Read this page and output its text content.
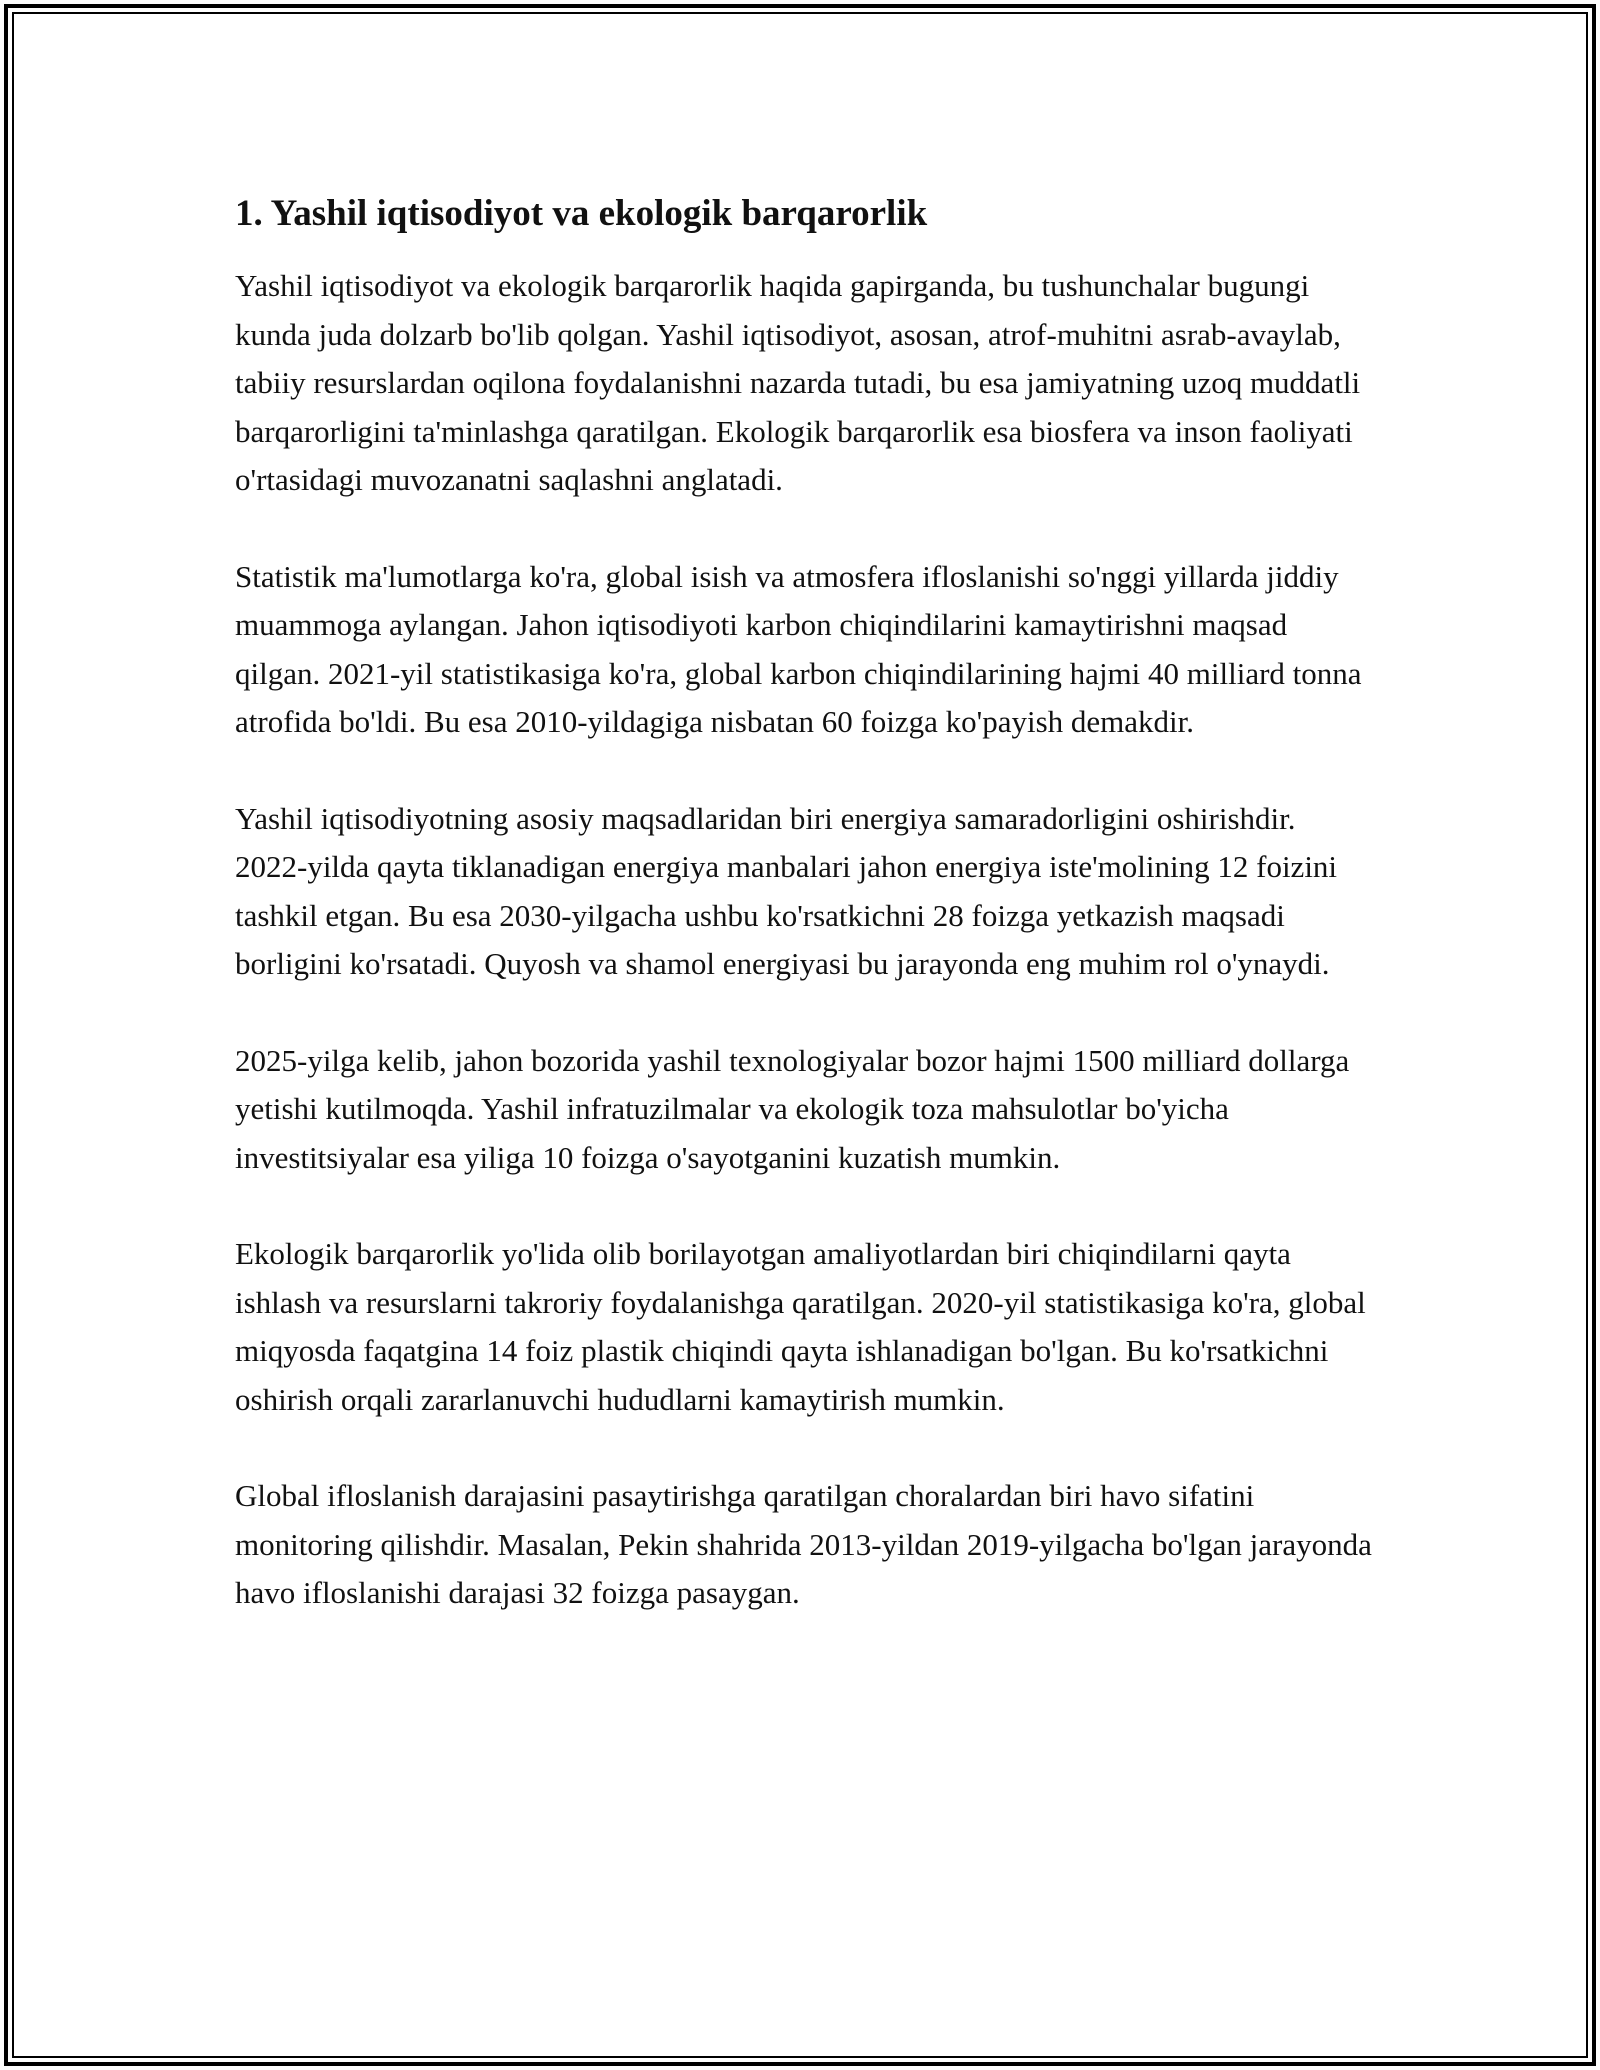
1. Yashil iqtisodiyot va ekologik barqarorlik

Yashil iqtisodiyot va ekologik barqarorlik haqida gapirganda, bu tushunchalar bugungi kunda juda dolzarb bo'lib qolgan. Yashil iqtisodiyot, asosan, atrof-muhitni asrab-avaylab, tabiiy resurslardan oqilona foydalanishni nazarda tutadi, bu esa jamiyatning uzoq muddatli barqarorligini ta'minlashga qaratilgan. Ekologik barqarorlik esa biosfera va inson faoliyati o'rtasidagi muvozanatni saqlashni anglatadi.

Statistik ma'lumotlarga ko'ra, global isish va atmosfera ifloslanishi so'nggi yillarda jiddiy muammoga aylangan. Jahon iqtisodiyoti karbon chiqindilarini kamaytirishni maqsad qilgan. 2021-yil statistikasiga ko'ra, global karbon chiqindilarining hajmi 40 milliard tonna atrofida bo'ldi. Bu esa 2010-yildagiga nisbatan 60 foizga ko'payish demakdir.

Yashil iqtisodiyotning asosiy maqsadlaridan biri energiya samaradorligini oshirishdir. 2022-yilda qayta tiklanadigan energiya manbalari jahon energiya iste'molining 12 foizini tashkil etgan. Bu esa 2030-yilgacha ushbu ko'rsatkichni 28 foizga yetkazish maqsadi borligini ko'rsatadi. Quyosh va shamol energiyasi bu jarayonda eng muhim rol o'ynaydi.

2025-yilga kelib, jahon bozorida yashil texnologiyalar bozor hajmi 1500 milliard dollarga yetishi kutilmoqda. Yashil infratuzilmalar va ekologik toza mahsulotlar bo'yicha investitsiyalar esa yiliga 10 foizga o'sayotganini kuzatish mumkin.

Ekologik barqarorlik yo'lida olib borilayotgan amaliyotlardan biri chiqindilarni qayta ishlash va resurslarni takroriy foydalanishga qaratilgan. 2020-yil statistikasiga ko'ra, global miqyosda faqatgina 14 foiz plastik chiqindi qayta ishlanadigan bo'lgan. Bu ko'rsatkichni oshirish orqali zararlanuvchi hududlarni kamaytirish mumkin.

Global ifloslanish darajasini pasaytirishga qaratilgan choralardan biri havo sifatini monitoring qilishdir. Masalan, Pekin shahrida 2013-yildan 2019-yilgacha bo'lgan jarayonda havo ifloslanishi darajasi 32 foizga pasaygan.
